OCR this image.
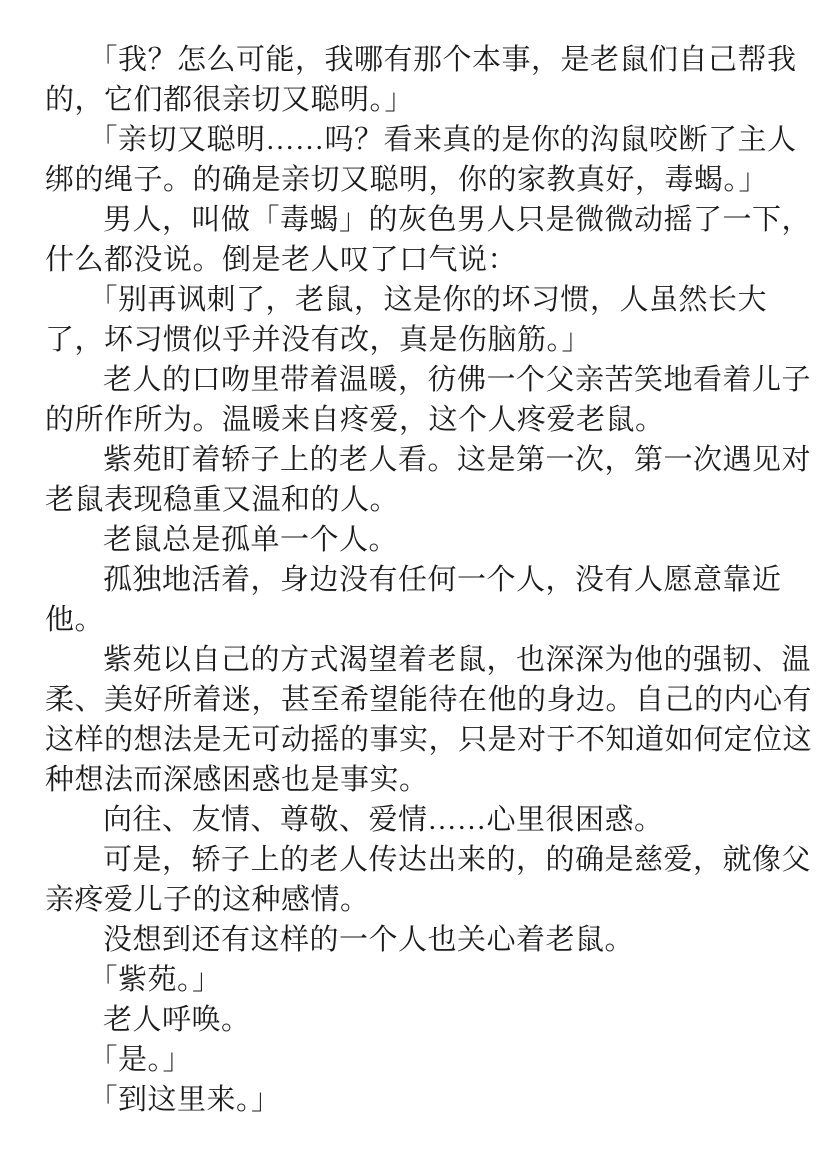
「我？怎么可能，我哪有那个本事，是老鼠们自己帮我

的，它们都很亲切又聪明。」

「亲切又聪明……吗？看来真的是你的沟鼠咬断了主人

绑的绳子。的确是亲切又聪明，你的家教真好，毒蝎。」

男人，叫做「毒蝎」的灰色男人只是微微动摇了一下，

什么都没说。倒是老人叹了口气说：

「别再讽刺了，老鼠，这是你的坏习惯，人虽然长大

了，坏习惯似乎并没有改，真是伤脑筋。」

老人的口吻里带着温暖，彷佛一个父亲苦笑地看着儿子

的所作所为。温暖来自疼爱，这个人疼爱老鼠。

紫苑盯着轿子上的老人看。这是第一次，第一次遇见对

老鼠表现稳重又温和的人。

老鼠总是孤单一个人。

孤独地活着，身边没有任何一个人，没有人愿意靠近

他。

紫苑以自己的方式渴望着老鼠，也深深为他的强韧、温

柔、美好所着迷，甚至希望能待在他的身边。自己的内心有

这样的想法是无可动摇的事实，只是对于不知道如何定位这

种想法而深感困惑也是事实。

向往、友情、尊敬、爱情……心里很困惑。

可是，轿子上的老人传达出来的，的确是慈爱，就像父

亲疼爱儿子的这种感情。

没想到还有这样的一个人也关心着老鼠。

「紫苑。」

老人呼唤。

「是。」

「到这里来。」
